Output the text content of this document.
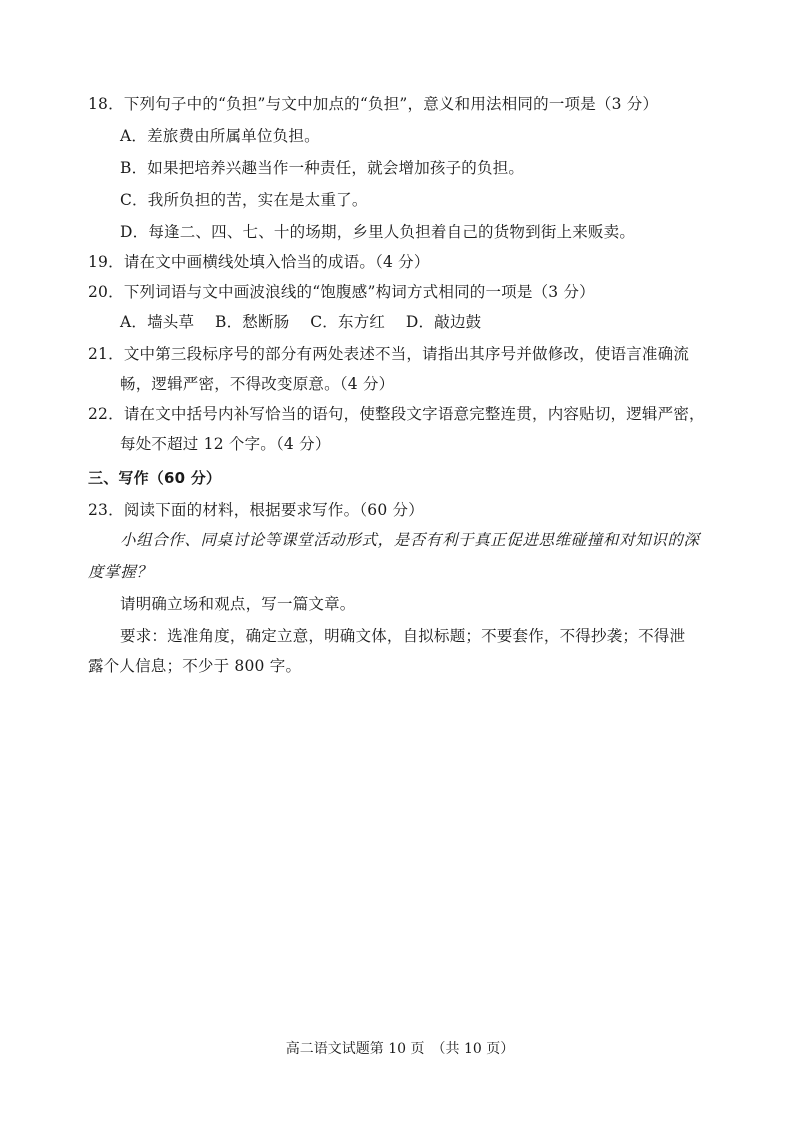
18．下列句子中的“负担”与文中加点的“负担”，意义和用法相同的一项是（3 分）
A．差旅费由所属单位负担。
B．如果把培养兴趣当作一种责任，就会增加孩子的负担。
C．我所负担的苦，实在是太重了。
D．每逢二、四、七、十的场期，乡里人负担着自己的货物到街上来贩卖。
19．请在文中画横线处填入恰当的成语。（4 分）
20．下列词语与文中画波浪线的“饱腹感”构词方式相同的一项是（3 分）
A．墙头草　 B．愁断肠　 C．东方红　 D．敲边鼓
21．文中第三段标序号的部分有两处表述不当，请指出其序号并做修改，使语言准确流
畅，逻辑严密，不得改变原意。（4 分）
22．请在文中括号内补写恰当的语句，使整段文字语意完整连贯，内容贴切，逻辑严密，
每处不超过 12 个字。（4 分）
三、写作（60 分）
23．阅读下面的材料，根据要求写作。（60 分）
小组合作、同桌讨论等课堂活动形式，是否有利于真正促进思维碰撞和对知识的深
度掌握？
请明确立场和观点，写一篇文章。
要求：选准角度，确定立意，明确文体，自拟标题；不要套作，不得抄袭；不得泄
露个人信息；不少于 800 字。
高二语文试题第 10 页　（共 10 页）
